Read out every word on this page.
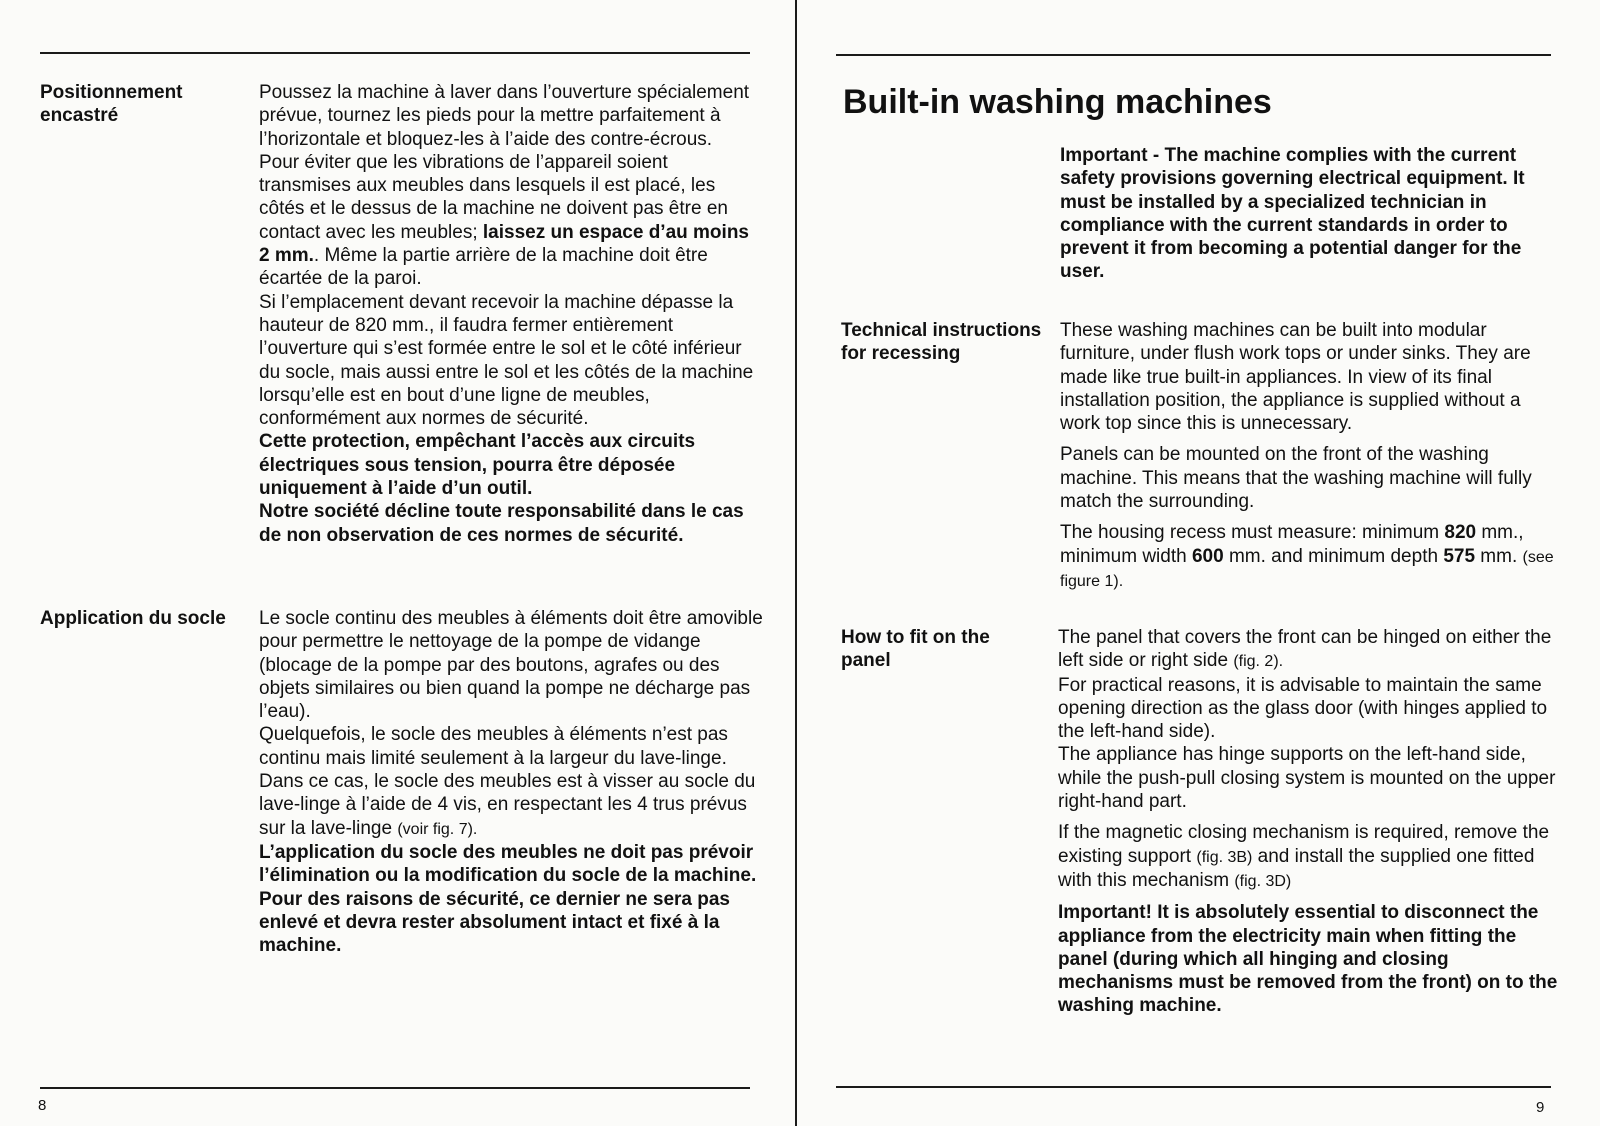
Positionnement
encastré

Poussez la machine à laver dans l’ouverture spécialement prévue, tournez les pieds pour la mettre parfaitement à l’horizontale et bloquez-les à l’aide des contre-écrous.

Pour éviter que les vibrations de l’appareil soient transmises aux meubles dans lesquels il est placé, les côtés et le dessus de la machine ne doivent pas être en contact avec les meubles; laissez un espace d’au moins 2 mm.. Même la partie arrière de la machine doit être écartée de la paroi.

Si l’emplacement devant recevoir la machine dépasse la hauteur de 820 mm., il faudra fermer entièrement l’ouverture qui s’est formée entre le sol et le côté inférieur du socle, mais aussi entre le sol et les côtés de la machine lorsqu’elle est en bout d’une ligne de meubles, conformément aux normes de sécurité.

Cette protection, empêchant l’accès aux circuits électriques sous tension, pourra être déposée uniquement à l’aide d’un outil.

Notre société décline toute responsabilité dans le cas de non observation de ces normes de sécurité.

Application du socle Le socle continu des meubles à éléments doit être amovible pour permettre le nettoyage de la pompe de vidange (blocage de la pompe par des boutons, agrafes ou des objets similaires ou bien quand la pompe ne décharge pas l’eau).

Quelquefois, le socle des meubles à éléments n’est pas continu mais limité seulement à la largeur du lave-linge.

Dans ce cas, le socle des meubles est à visser au socle du lave-linge à l’aide de 4 vis, en respectant les 4 trus prévus sur la lave-linge (voir fig. 7).

L’application du socle des meubles ne doit pas prévoir l’élimination ou la modification du socle de la machine. Pour des raisons de sécurité, ce dernier ne sera pas enlevé et devra rester absolument intact et fixé à la machine.

8
Built-in washing machines
Important - The machine complies with the current safety provisions governing electrical equipment. It must be installed by a specialized technician in compliance with the current standards in order to prevent it from becoming a potential danger for the user.
Technical instructions
for recessing

These washing machines can be built into modular furniture, under flush work tops or under sinks. They are made like true built-in appliances. In view of its final installation position, the appliance is supplied without a work top since this is unnecessary.

Panels can be mounted on the front of the washing machine. This means that the washing machine will fully match the surrounding.

The housing recess must measure: minimum 820 mm., minimum width 600 mm. and minimum depth 575 mm. (see figure 1).

How to fit on the
panel

The panel that covers the front can be hinged on either the left side or right side (fig. 2).

For practical reasons, it is advisable to maintain the same opening direction as the glass door (with hinges applied to the left-hand side).

The appliance has hinge supports on the left-hand side, while the push-pull closing system is mounted on the upper right-hand part.

If the magnetic closing mechanism is required, remove the existing support (fig. 3B) and install the supplied one fitted with this mechanism (fig. 3D)

Important! It is absolutely essential to disconnect the appliance from the electricity main when fitting the panel (during which all hinging and closing mechanisms must be removed from the front) on to the washing machine.

9
